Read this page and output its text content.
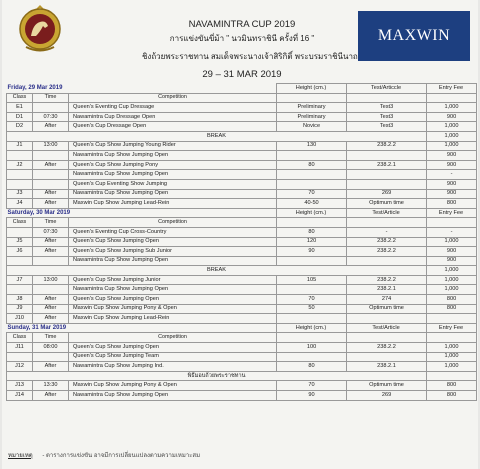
MAXWIN
NAVAMINTRA CUP 2019
การแข่งขันขี่ม้า " นวมินทราชินี ครั้งที่ 16 "
ชิงถ้วยพระราชทาน สมเด็จพระนางเจ้าสิริกิติ์ พระบรมราชินีนาถ
29 – 31 MAR 2019
Friday, 29 Mar 2019			Height (cm.)	Test/Articcle	Entry Fee
Class	Time	Competition			
E1		Queen's Eventing Cup Dressage	Preliminary	Test3	1,000
D1	07:30	Nawamintra Cup Dressage Open	Preliminary	Test3	900
D2	After	Queen's Cup Dressage Open	Novice	Test3	1,000
BREAK					1,000
J1	13:00	Queen's Cup Show Jumping Young Rider	130	238.2.2	1,000
		Nawamintra Cup Show Jumping Open			900
J2	After	Queen's Cup Show Jumping Pony	80	238.2.1	900
		Nawamintra Cup Show Jumping Open			-
		Queen's Cup Eventing Show Jumping			900
J3	After	Nawamintra Cup Show Jumping Open	70	269	900
J4	After	Maxwin Cup Show Jumping Lead-Rein	40-50	Optimum time	800
Saturday, 30 Mar 2019			Height (cm.)	Test/Article	Entry Fee
Class	Time	Competition			
	07:30	Queen's Eventing Cup Cross-Country	80	-	-
J5	After	Queen's Cup Show Jumping Open	120	238.2.2	1,000
J6	After	Queen's Cup Show Jumping Sub Junior	90	238.2.2	900
		Nawamintra Cup Show Jumping Open			900
BREAK					1,000
J7	13:00	Queen's Cup Show Jumping Junior	105	238.2.2	1,000
		Nawamintra Cup Show Jumping Open		238.2.1	1,000
J8	After	Queen's Cup Show Jumping Open	70	274	800
J9	After	Maxwin Cup Show Jumping Pony & Open	50	Optimum time	800
J10	After	Maxwin Cup Show Jumping Lead-Rein			
Sunday, 31 Mar 2019			Height (cm.)	Test/Article	Entry Fee
Class	Time	Competition			
J11	08:00	Queen's Cup Show Jumping Open	100	238.2.2	1,000
		Queen's Cup Show Jumping Team			1,000
J12	After	Nawamintra Cup Show Jumping Ind.	80	238.2.1	1,000
พิธีมอบถ้วยพระราชทาน					
J13	13:30	Maxwin Cup Show Jumping Pony & Open	70	Optimum time	800
J14	After	Nawamintra Cup Show Jumping Open	90	269	800
หมายเหตุ - ตารางการแข่งขัน อาจมีการเปลี่ยนแปลงตามความเหมาะสม
